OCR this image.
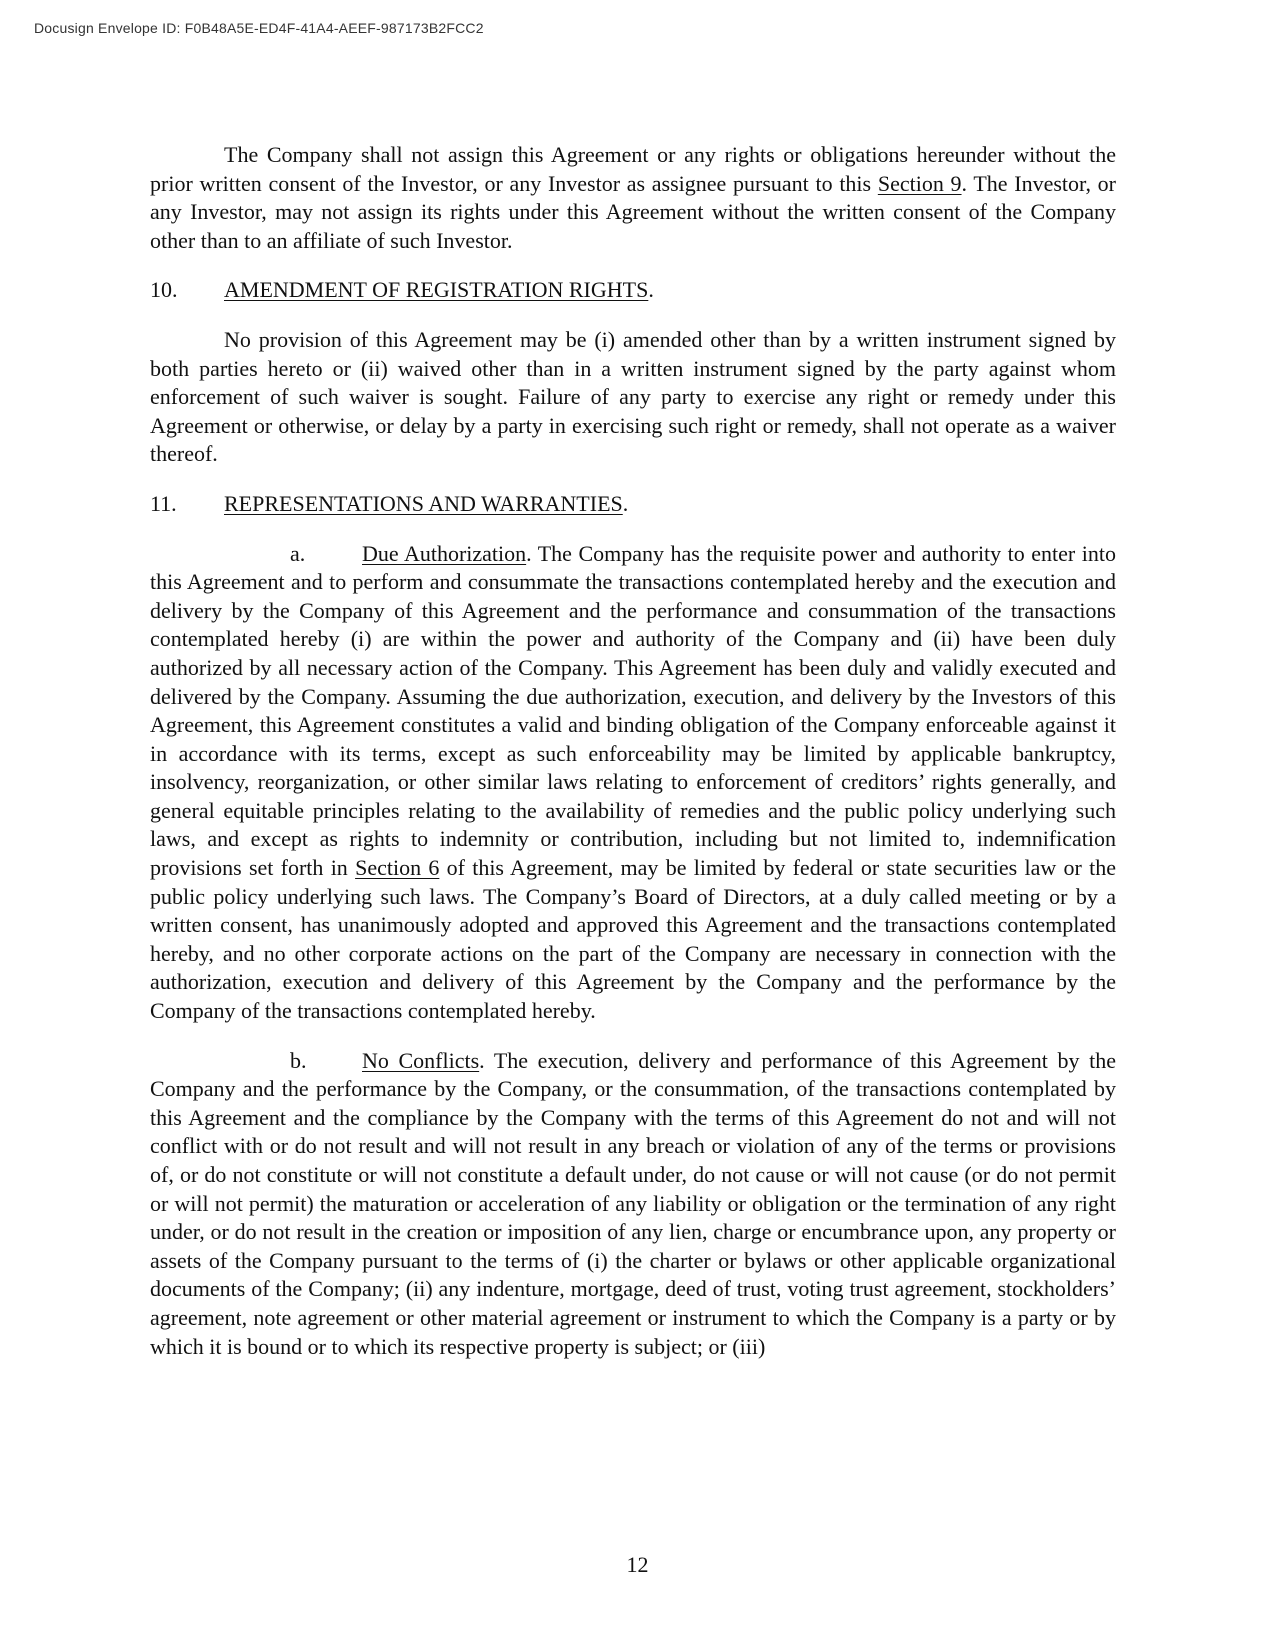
Docusign Envelope ID: F0B48A5E-ED4F-41A4-AEEF-987173B2FCC2

The Company shall not assign this Agreement or any rights or obligations hereunder without the prior written consent of the Investor, or any Investor as assignee pursuant to this Section 9. The Investor, or any Investor, may not assign its rights under this Agreement without the written consent of the Company other than to an affiliate of such Investor.

10.	AMENDMENT OF REGISTRATION RIGHTS.

No provision of this Agreement may be (i) amended other than by a written instrument signed by both parties hereto or (ii) waived other than in a written instrument signed by the party against whom enforcement of such waiver is sought. Failure of any party to exercise any right or remedy under this Agreement or otherwise, or delay by a party in exercising such right or remedy, shall not operate as a waiver thereof.

11.	REPRESENTATIONS AND WARRANTIES.

a.	Due Authorization. The Company has the requisite power and authority to enter into this Agreement and to perform and consummate the transactions contemplated hereby and the execution and delivery by the Company of this Agreement and the performance and consummation of the transactions contemplated hereby (i) are within the power and authority of the Company and (ii) have been duly authorized by all necessary action of the Company. This Agreement has been duly and validly executed and delivered by the Company. Assuming the due authorization, execution, and delivery by the Investors of this Agreement, this Agreement constitutes a valid and binding obligation of the Company enforceable against it in accordance with its terms, except as such enforceability may be limited by applicable bankruptcy, insolvency, reorganization, or other similar laws relating to enforcement of creditors’ rights generally, and general equitable principles relating to the availability of remedies and the public policy underlying such laws, and except as rights to indemnity or contribution, including but not limited to, indemnification provisions set forth in Section 6 of this Agreement, may be limited by federal or state securities law or the public policy underlying such laws. The Company’s Board of Directors, at a duly called meeting or by a written consent, has unanimously adopted and approved this Agreement and the transactions contemplated hereby, and no other corporate actions on the part of the Company are necessary in connection with the authorization, execution and delivery of this Agreement by the Company and the performance by the Company of the transactions contemplated hereby.

b.	No Conflicts. The execution, delivery and performance of this Agreement by the Company and the performance by the Company, or the consummation, of the transactions contemplated by this Agreement and the compliance by the Company with the terms of this Agreement do not and will not conflict with or do not result and will not result in any breach or violation of any of the terms or provisions of, or do not constitute or will not constitute a default under, do not cause or will not cause (or do not permit or will not permit) the maturation or acceleration of any liability or obligation or the termination of any right under, or do not result in the creation or imposition of any lien, charge or encumbrance upon, any property or assets of the Company pursuant to the terms of (i) the charter or bylaws or other applicable organizational documents of the Company; (ii) any indenture, mortgage, deed of trust, voting trust agreement, stockholders’ agreement, note agreement or other material agreement or instrument to which the Company is a party or by which it is bound or to which its respective property is subject; or (iii)

12
